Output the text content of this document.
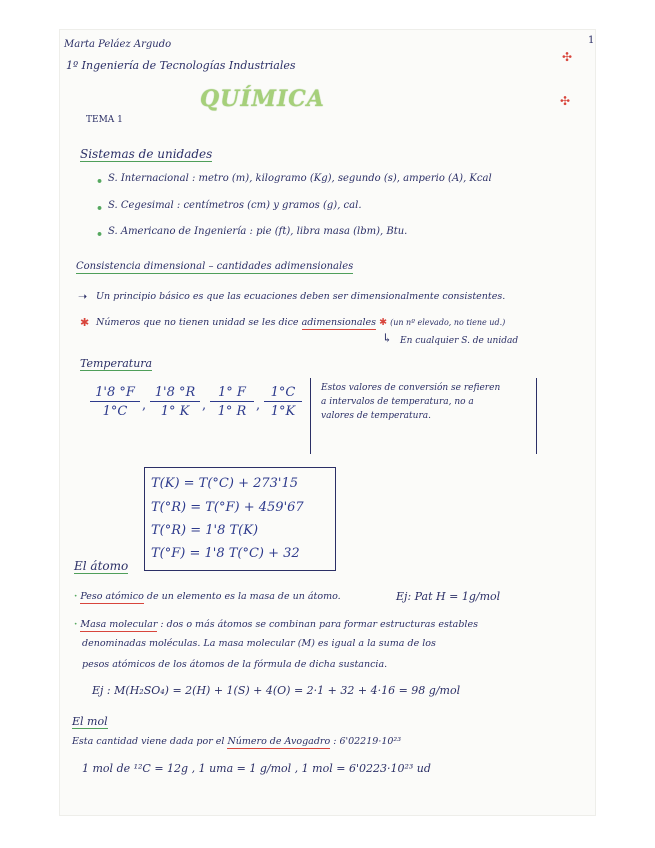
Marta Peláez Argudo
1º Ingeniería de Tecnologías Industriales
1
✣
✣
QUÍMICA
TEMA 1
Sistemas de unidades
• S. Internacional : metro (m), kilogramo (Kg), segundo (s), amperio (A), Kcal
• S. Cegesimal : centímetros (cm) y gramos (g), cal.
• S. Americano de Ingeniería : pie (ft), libra masa (lbm), Btu.
Consistencia dimensional – cantidades adimensionales
➝ Un principio básico es que las ecuaciones deben ser dimensionalmente consistentes.
✱ Números que no tienen unidad se les dice adimensionales ✱ (un nº elevado, no tiene ud.)
↳ En cualquier S. de unidad
Temperatura
$\frac{1'8 ^\circ F}{1^\circ C}$ , $\frac{1'8 ^\circ R}{1^\circ K}$ , $\frac{1^\circ F}{1^\circ R}$ , $\frac{1^\circ C}{1^\circ K}$ Estos valores de conversión se refieren
a intervalos de temperatura, no a
valores de temperatura.
T(K) = T(°C) + 273'15
T(°R) = T(°F) + 459'67
T(°R) = 1'8 T(K)
T(°F) = 1'8 T(°C) + 32
El átomo
· Peso atómico de un elemento es la masa de un átomo.	Ej: Pat H = 1g/mol
· Masa molecular : dos o más átomos se combinan para formar estructuras estables
denominadas moléculas. La masa molecular (M) es igual a la suma de los
pesos atómicos de los átomos de la fórmula de dicha sustancia.
Ej : M(H₂SO₄) = 2(H) + 1(S) + 4(O) = 2·1 + 32 + 4·16 = 98 g/mol
El mol
Esta cantidad viene dada por el Número de Avogadro : 6'02219·10²³
1 mol de ¹²C = 12g , 1 uma = 1 g/mol , 1 mol = 6'0223·10²³ ud
